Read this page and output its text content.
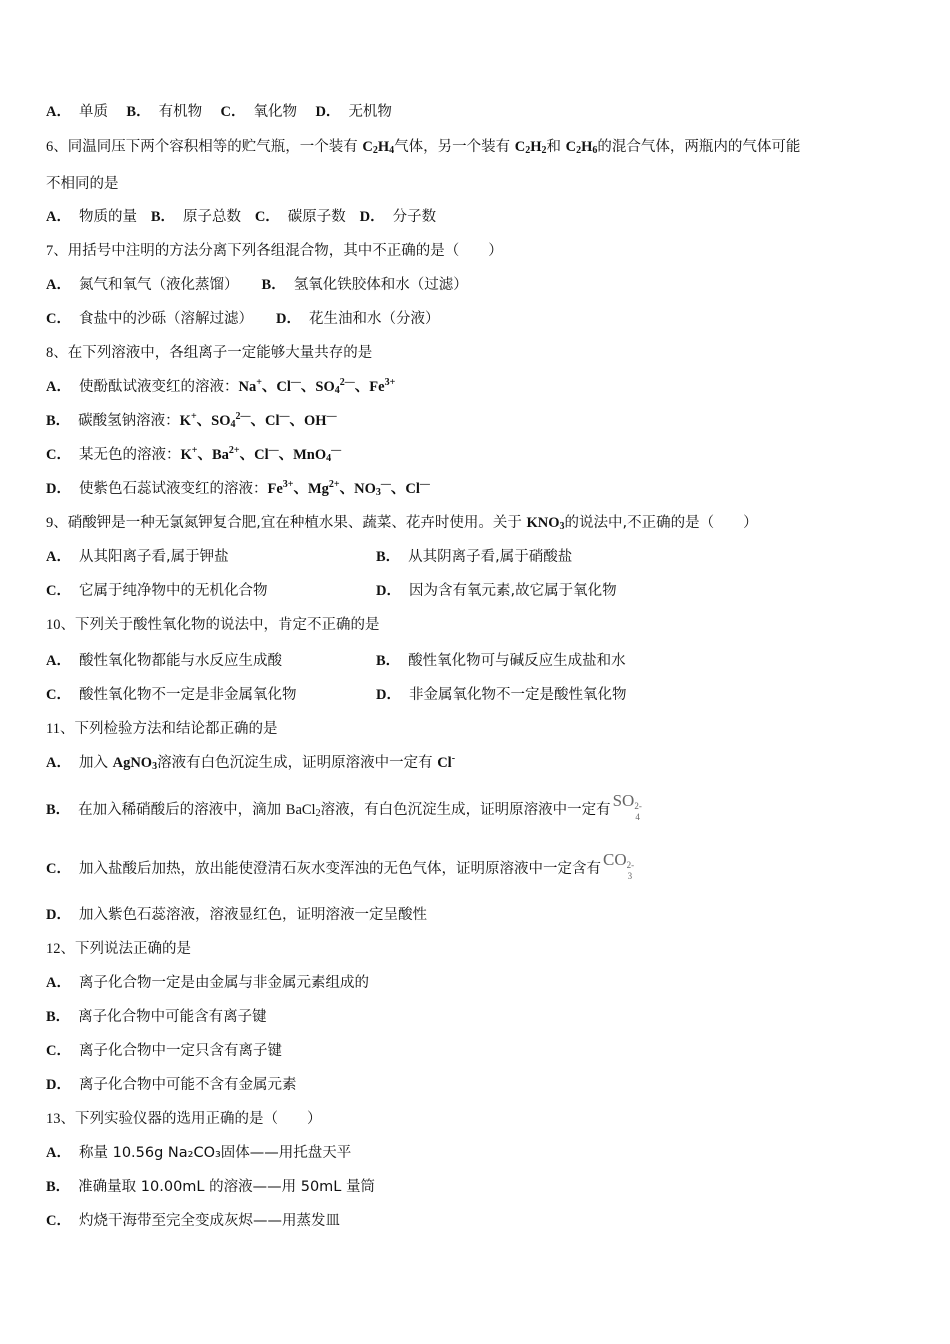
A． 单质 B． 有机物 C． 氧化物 D． 无机物
6、同温同压下两个容积相等的贮气瓶，一个装有 $C_2H_4$气体，另一个装有 $C_2H_2$和 $C_2H_6$的混合气体，两瓶内的气体可能
不相同的是
A． 物质的量 B． 原子总数 C． 碳原子数 D． 分子数
7、用括号中注明的方法分离下列各组混合物，其中不正确的是（　　）
A． 氮气和氧气（液化蒸馏） B． 氢氧化铁胶体和水（过滤）
C． 食盐中的沙砾（溶解过滤） D． 花生油和水（分液）
8、在下列溶液中，各组离子一定能够大量共存的是
A． 使酚酞试液变红的溶液：Na+、Cl—、$SO_4^{2—}$、$Fe^{3+}$
B． 碳酸氢钠溶液：K+、$SO_4^{2—}$、Cl—、OH—
C． 某无色的溶液：K+、$Ba^{2+}$、Cl—、MnO$_4$—
D． 使紫色石蕊试液变红的溶液：$Fe^{3+}$、$Mg^{2+}$、$NO_3^—$、Cl—
9、硝酸钾是一种无氯氮钾复合肥,宜在种植水果、蔬菜、花卉时使用。关于 $KNO_3$的说法中,不正确的是（　　）
A． 从其阳离子看,属于钾盐	B． 从其阴离子看,属于硝酸盐
C． 它属于纯净物中的无机化合物	D． 因为含有氧元素,故它属于氧化物
10、下列关于酸性氧化物的说法中，肯定不正确的是
A． 酸性氧化物都能与水反应生成酸	B． 酸性氧化物可与碱反应生成盐和水
C． 酸性氧化物不一定是非金属氧化物	D． 非金属氧化物不一定是酸性氧化物
11、下列检验方法和结论都正确的是
A． 加入 AgNO$_3$溶液有白色沉淀生成，证明原溶液中一定有 Cl-
B． 在加入稀硝酸后的溶液中，滴加 BaCl$_2$溶液，有白色沉淀生成，证明原溶液中一定有 SO 2-
4
C． 加入盐酸后加热，放出能使澄清石灰水变浑浊的无色气体，证明原溶液中一定含有 CO 2-
3
D． 加入紫色石蕊溶液，溶液显红色，证明溶液一定呈酸性
12、下列说法正确的是
A． 离子化合物一定是由金属与非金属元素组成的
B． 离子化合物中可能含有离子键
C． 离子化合物中一定只含有离子键
D． 离子化合物中可能不含有金属元素
13、下列实验仪器的选用正确的是（　　）
A． 称量 10.56g Na₂CO₃固体——用托盘天平
B． 准确量取 10.00mL 的溶液——用 50mL 量筒
C． 灼烧干海带至完全变成灰烬——用蒸发皿
